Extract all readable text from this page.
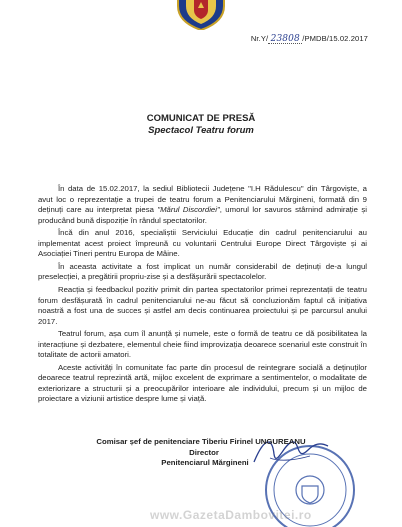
Nr.Y/ 23808 /PMDB/15.02.2017
COMUNICAT DE PRESĂ
Spectacol Teatru forum

În data de 15.02.2017, la sediul Bibliotecii Județene "I.H Rădulescu" din Târgoviște, a avut loc o reprezentație a trupei de teatru forum a Penitenciarului Mărgineni, formată din 9 deținuți care au interpretat piesa "Mărul Discordiei", umorul lor savuros stârnind admirație și producând bună dispoziție în rândul spectatorilor.

Încă din anul 2016, specialiștii Serviciului Educație din cadrul penitenciarului au implementat acest proiect împreună cu voluntarii Centrului Europe Direct Târgoviște și ai Asociației Tineri pentru Europa de Mâine.

În aceasta activitate a fost implicat un număr considerabil de deținuți de-a lungul preselecției, a pregătirii propriu-zise și a desfășurării spectacolelor.

Reacția și feedbackul pozitiv primit din partea spectatorilor primei reprezentații de teatru forum desfășurată în cadrul penitenciarului ne-au făcut să concluzionăm faptul că inițiativa noastră a fost una de succes și astfel am decis continuarea proiectului și pe parcursul anului 2017.

Teatrul forum, așa cum îl anunță și numele, este o formă de teatru ce dă posibilitatea la interacțiune și dezbatere, elementul cheie fiind improvizația deoarece scenariul este construit în totalitate de actorii amatori.

Aceste activități în comunitate fac parte din procesul de reintegrare socială a deținuților deoarece teatrul reprezintă artă, mijloc excelent de exprimare a sentimentelor, o modalitate de exteriorizare a structurii și a preocupărilor interioare ale individului, precum și un mijloc de proiectare a viziunii artistice despre lume și viață.

Comisar șef de penitenciare Tiberiu Firinel UNGUREANU
Director
Penitenciarul Mărgineni
www.GazetaDambovitei.ro
